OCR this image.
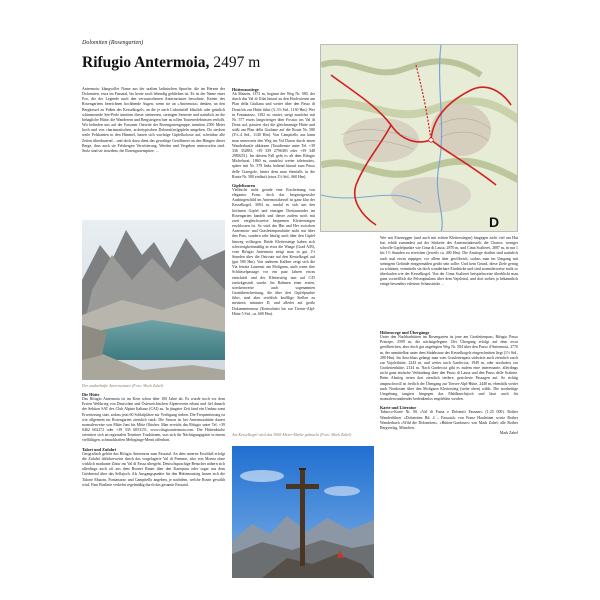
Dolomiten (Rosengarten)
Rifugio Antermoia, 2497 m
Antermoia: klangvoller Name aus der uralten ladinischen Sprache, die im Herzen der Dolomiten, etwa im Fassatal, bis heute noch lebendig geblieben ist. Es ist der Name einer Foo, die der Legende nach den verwunschenen Antermoiasee bewohnte. Keiner des Rosengartens bezeichnen hochbende Augen, wenn sie an »Antermoia« denken, an den Bergkessel zu Füßen des Kesselkogels, an die je nach Lichteinfall bläulich oder grünlich schimmernde See-Perle inmitten dieser steinernen, steinigen Szenerie und natürlich an die behagliche Hütte, die Wanderern und Bergsteigern hier zu tollen Tourenerlebnissen verhilft. Wir befinden uns auf der Fassaner Ostseite der Rosengartengruppe, inmitten 2500 Meter hoch und von charismatischen, archetypischen Dolomit(en)gipfeln umgeben. Da stechen steile Felskanten in den Himmel, bauen sich wuchtige Gipfelkolosse auf, scheinbar alle Zeiten überdauernd – und doch dazu dient das gewaltige Geröllmeer an den Hängen dieser Berge, dass auch sie Felsbergen Verwitterung, Werden und Vergehen unterworfen sind. Stolz sind sie trotzdem, die Rosengartenspitze, ...
Der zauberhafte Antermoiasee (Foto: Mark Zahel)
Die Hütte
Das Rifugio Antermoia ist im Kern schon über 100 Jahre alt. Es wurde noch vor dem Ersten Weltkrieg von Deutschen und Österreichischen Alpenverein erbaut und fiel danach der Sektion SAT des Club Alpino Italiano (CAI) zu. In jüngster Zeit fand ein Umbau samt Erweiterung statt, sodass jetzt 60 Schlafplätze zur Verfügung stehen. Die Frequentierung ist wie allgemein im Rosengarten ziemlich stark. Die Saison ist bei Antermoiahütte dauert normalerweise von Mitte Juni bis Mitte Oktober. Man erreicht das Rifugio unter Tel. +39 0462 602272 oder +39 335 6053151, www.rifugioantermoia.com. Die Hüttenküche orientiert sich an regionalen Trentiner Traditionen, was sich für Nächtigungsgäste in einem vielfältigen, schmackhaften Mehrgänge-Menü offenbart.
Talort und Zufahrt
Geografisch gehört das Rifugio Antermoia zum Fassatal. An dem unteren Erschluß erfolgt die Zufahrt üblicherweise durch das vorgelagerte Val di Fiemme, also von Moena ohne wirklich markante Zäsur ins Val di Fassa übergeht. Deutschsprachige Besucher nähern sich allerdings auch oft aus dem Bozner Raum über den Karerpass oder sogar aus dem Grödnertal über das Sellajoch. Als Ausgangspunkte für den Hüttenzustieg lassen sich die Talorte Mazzin, Fontanazzo und Campitello angeben, je nachdem, welche Route gewählt wird. Eine Buslinie verkehrt regelmäßig durch das gesamte Fassatal.
Hüttenzustiege
Ab Mazzin, 1372 m, beginnt der Weg Nr. 580, der durch das Val di Udai hinauf zu den Hochwiesen am Plan della Giuliana und weiter über den Passo di Dona bis zur Hütte führt (3–3½ Std., 1130 Hm). Wer in Fontanazzo, 1382 m, startet, steigt zunächst mit Nr. 577 etwas langwieriger über Fosrtac ins Val di Dona auf, passiert dort die gleichnamige Hütte und stößt am Plan della Giuliane auf die Route Nr. 580 (3½–4 Std., 1140 Hm). Von Campitello aus kann man seinerseits den Weg ins Val Duron durch einen Wanderbustle abkürzen (Taxidienste unter Tel. +39 336 352881, +39 339 2796383 oder +39 348 2980251). Im diesem Fall geht es ab dem Rifugio Micheluzzi, 1860 m, zunächst weiter taleinwärts, später mit Nr. 578 links haltend hinauf zum Passo delle Ciaregole, hinter dem man ebenfalls in die Route Nr. 580 einläuft (etwa 2½ Std., 660 Hm).
Gipfeltouren
Vielleicht nicht gerade eine Erscheinung von eleganter Form, doch das bergsteigerische Ausbingeschild im Antermoiakessel ist ganz klar der Kesselkogel, 3004 m, rundal es sich um den höchsten Gipfel und einzigen Dreitausender im Rosengarten handelt und dieser zudem noch mit zwei vergleichsweise bequemen Klettersteigen erschlossen ist. So wird das Hin und Her zwischen Antermoia- und Grasleitenpasshütte nicht nur über den Pass, sondern sehr häufig auch über den Gipfel hinweg vollzogen. Beide Klettersteige haben sich schwierigkeitsmäßig in etwa die Waage (Grad A/B), vom Rifugio Antermoia steigt man in gut 1½ Stunden über die Ostroute auf den Kesselkogel auf (gut 500 Hm). Von anderem Kaliber zeigt sich die Via ferrata Laurenzi am Molignon, auch wenn ihre Schlüsselpassage vor ein paar Jahren etwas entschärft und der Klettersteig nun auf C/D zurückgestuft wurde. Im Rahmen einer ersten, streckenweise auch sogenannten Grattüberschreitung, die über drei Gipfelpunkte führt, sind aber reichlich knifflige Stellen zu meistern, mitunter D, und allerlei auf große Dokumententour (Kernschnitt bis zur Tierser-Alpl-Hütte 5 Std., ca. 600 Hm).
D
Wer mit Eiseneggen (und auch mit echten Kletterstiegen) hingegen nicht viel am Hut hat, erhält zumindest auf der Südseite des Antermoiakessels die Chance, weniger schroffe Gipfelpunkte wie Cima di Lausa, 2870 m, und Cima Scalieret, 2887 m, in nur 1 bis 1½ Stunden zu erreichen (jeweils ca. 400 Hm). Die Anstiege dorthin sind natürlich auch mal etwas ruppiger, vor allem aber geröllreich, sodass man im Umgang mit steinigem Gelände einigermaßen geübt sein sollte. Und kein Grund, diese Ziele gering zu schätzen, vermitteln sie doch wunderbare Eindrücke und sind normalerweise nicht so überlaufen wie der Kesselkogel. Von der Cima Scalieret beispielsweise überblickt man ganz vortrefflich die Felsenphalanx über dem Vajolettal, und dort stehen ja bekanntlich einige besonders erlesene Schaustücke ...
Höhenwege und Übergänge
Unter den Nachbarhütten im Rosengarten ist jene am Grasleitenpass, Rifugio Passo Principe, 2599 m, die nächstgelegene. Der Übergang erfolgt auf dem zwar geröllreichen, aber doch gut angelegten Weg Nr. 584 über den Passo d'Antermoia, 2770 m, der unmittelbar unter dem Südabsturz des Kesselkogels eingeschnitten liegt (1½ Std., 280 Hm). Im Anschluss gelangt man vom Grasleitenpass südwärts auch ziemlich rasch zur Vajolethütte, 2243 m, und weiter nach Gardeccia, 1949 m, oder nordwärts zur Grasleitenhütte, 2134 m. Nach Gardeccia gibt es zudem eine interessante, allerdings nicht ganz einfache Verbindung über den Passo di Lausa und den Passo delle Scalette. Beim Abstieg treten dort ziemlich steilere, gesicherte Passagen auf. So richtig anspruchsvoll ist freilich der Übergang zur Tierser-Alpl-Hütte, 2440 m, ebenfalls weiter nach Nordosten über den Molignon Klettersteig (siehe oben) wählt. Die nordseitige Umgehung tangiert hingegen das Mahlknechtjoch und lässt auch für normalerwandernder bedenkenlos empfehlen werden.
Karte und Literatur
Tabacco-Karte Nr. 06 »Val di Fassa e Dolomiti Fassane« (1:25 000). Rother Wanderführer »Dolomiten Bd. 4 – Fassatal« von Franz Hauleitner sowie Rother Wanderbuch »Wild die Dolomiten«, »Hütten-Gardasee« von Mark Zahel; alle Rother Bergverlag, München.
Mark Zahel
Am Kesselkogel wird das 3000-Meter-Marke geknackt (Foto: Mark Zahel)
